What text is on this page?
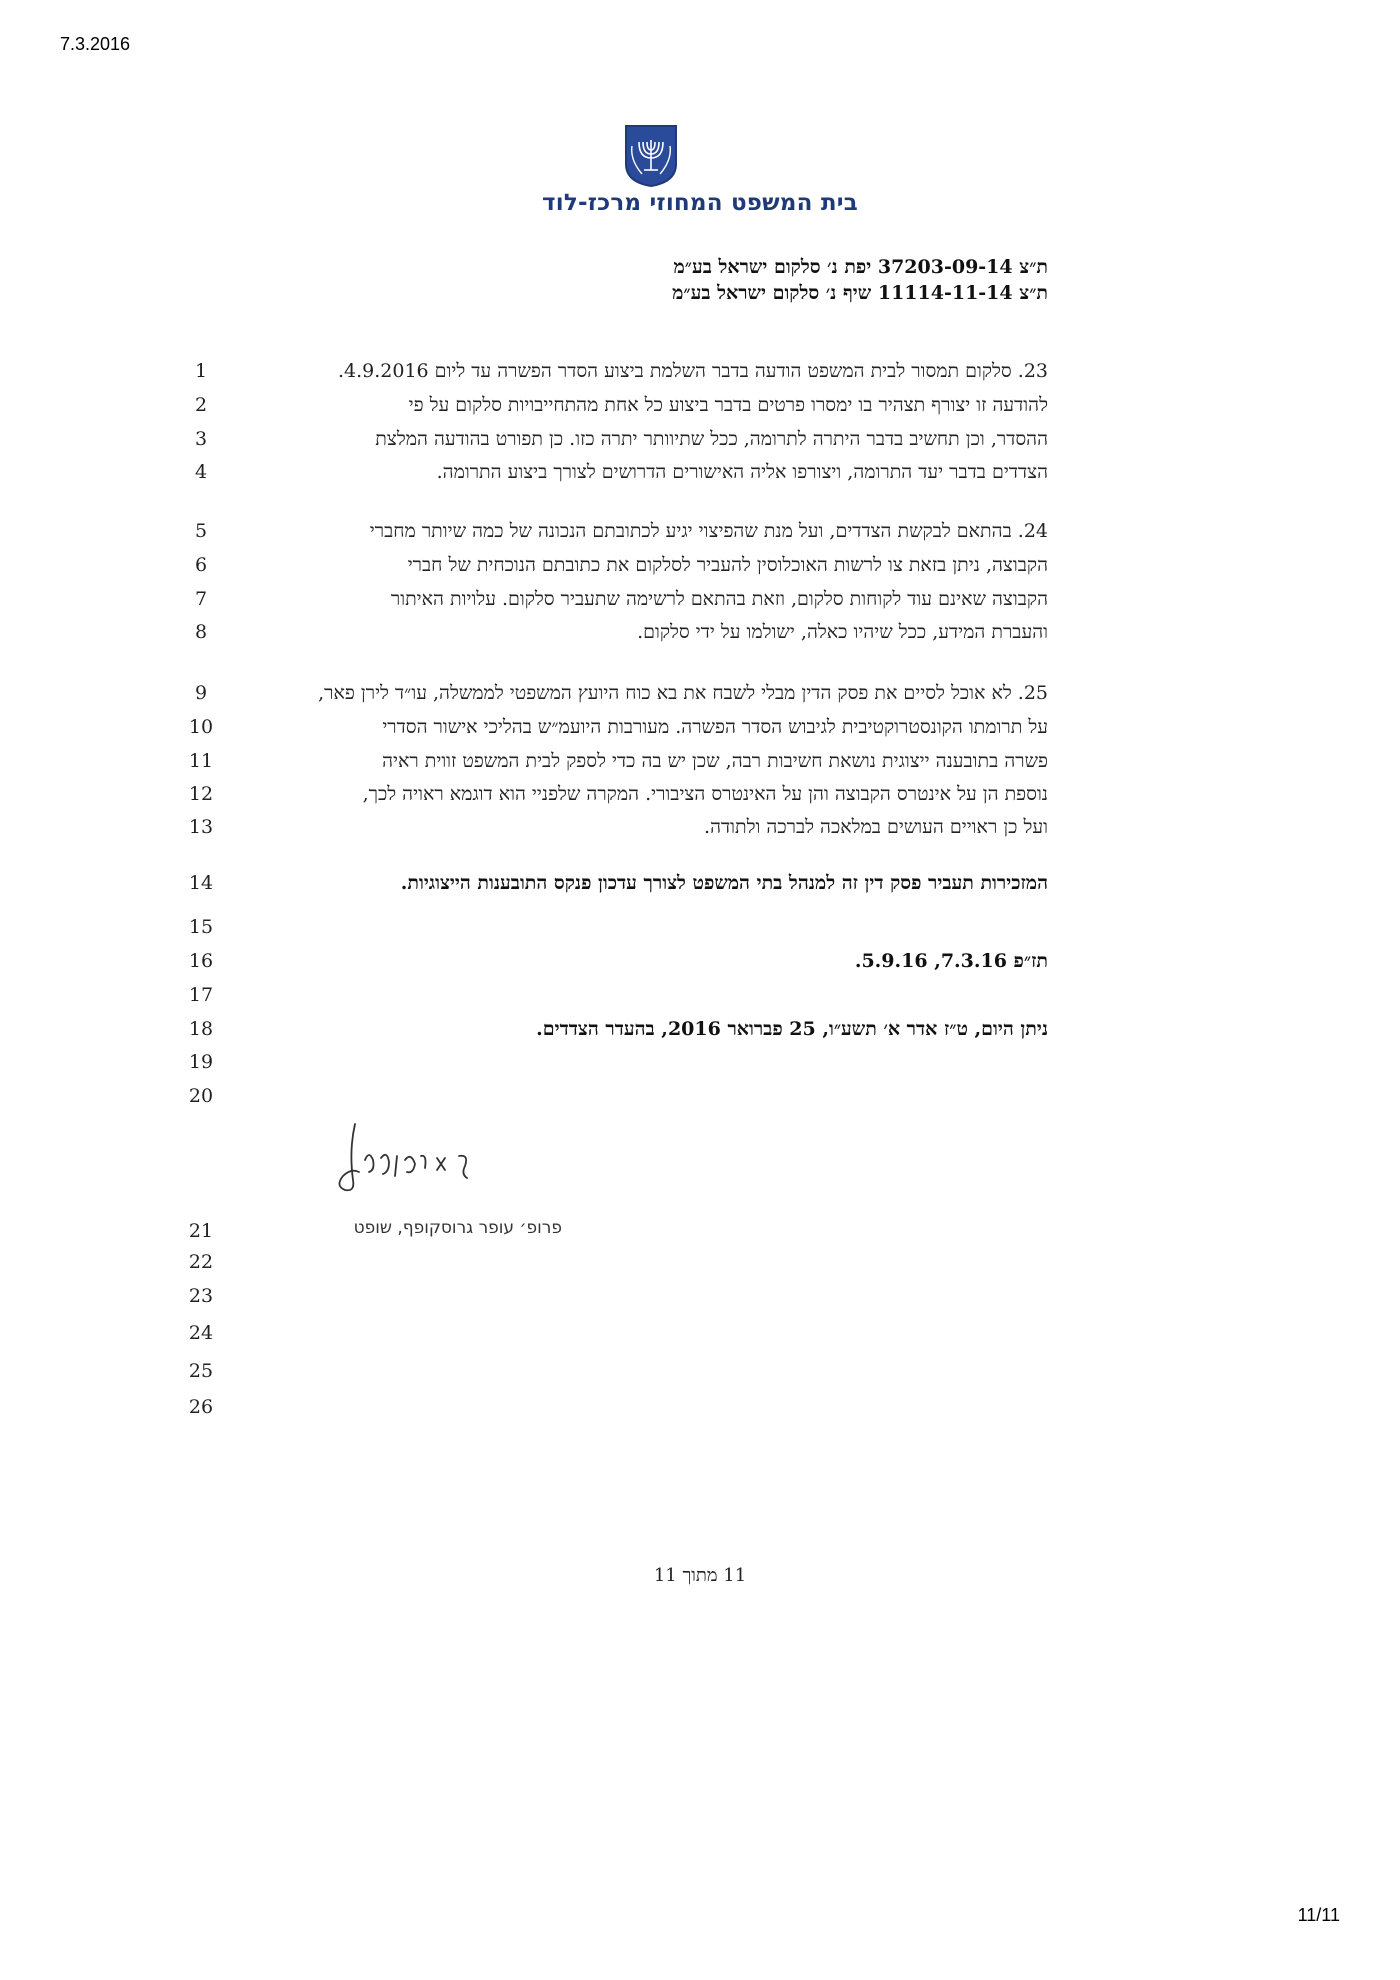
7.3.2016
בית המשפט המחוזי מרכז-לוד
ת״צ 37203-09-14 יפת נ׳ סלקום ישראל בע״מ
ת״צ 11114-11-14 שיף נ׳ סלקום ישראל בע״מ
1
2
3
4
5
6
7
8
9
10
11
12
13
14
15
16
17
18
19
20
21
22
23
24
25
26
23. סלקום תמסור לבית המשפט הודעה בדבר השלמת ביצוע הסדר הפשרה עד ליום 4.9.2016.
להודעה זו יצורף תצהיר בו ימסרו פרטים בדבר ביצוע כל אחת מהתחייבויות סלקום על פי
ההסדר, וכן תחשיב בדבר היתרה לתרומה, ככל שתיוותר יתרה כזו. כן תפורט בהודעה המלצת
הצדדים בדבר יעד התרומה, ויצורפו אליה האישורים הדרושים לצורך ביצוע התרומה.
24. בהתאם לבקשת הצדדים, ועל מנת שהפיצוי יגיע לכתובתם הנכונה של כמה שיותר מחברי
הקבוצה, ניתן בזאת צו לרשות האוכלוסין להעביר לסלקום את כתובתם הנוכחית של חברי
הקבוצה שאינם עוד לקוחות סלקום, וזאת בהתאם לרשימה שתעביר סלקום. עלויות האיתור
והעברת המידע, ככל שיהיו כאלה, ישולמו על ידי סלקום.
25. לא אוכל לסיים את פסק הדין מבלי לשבח את בא כוח היועץ המשפטי לממשלה, עו״ד לירן פאר,
על תרומתו הקונסטרוקטיבית לגיבוש הסדר הפשרה. מעורבות היועמ״ש בהליכי אישור הסדרי
פשרה בתובענה ייצוגית נושאת חשיבות רבה, שכן יש בה כדי לספק לבית המשפט זווית ראיה
נוספת הן על אינטרס הקבוצה והן על האינטרס הציבורי. המקרה שלפניי הוא דוגמא ראויה לכך,
ועל כן ראויים העושים במלאכה לברכה ולתודה.
המזכירות תעביר פסק דין זה למנהל בתי המשפט לצורך עדכון פנקס התובענות הייצוגיות.
תז״פ 7.3.16, 5.9.16.
ניתן היום, ט״ז אדר א׳ תשע״ו, 25 פברואר 2016, בהעדר הצדדים.
פרופ׳ עופר גרוסקופף, שופט
11 מתוך 11
11/11
